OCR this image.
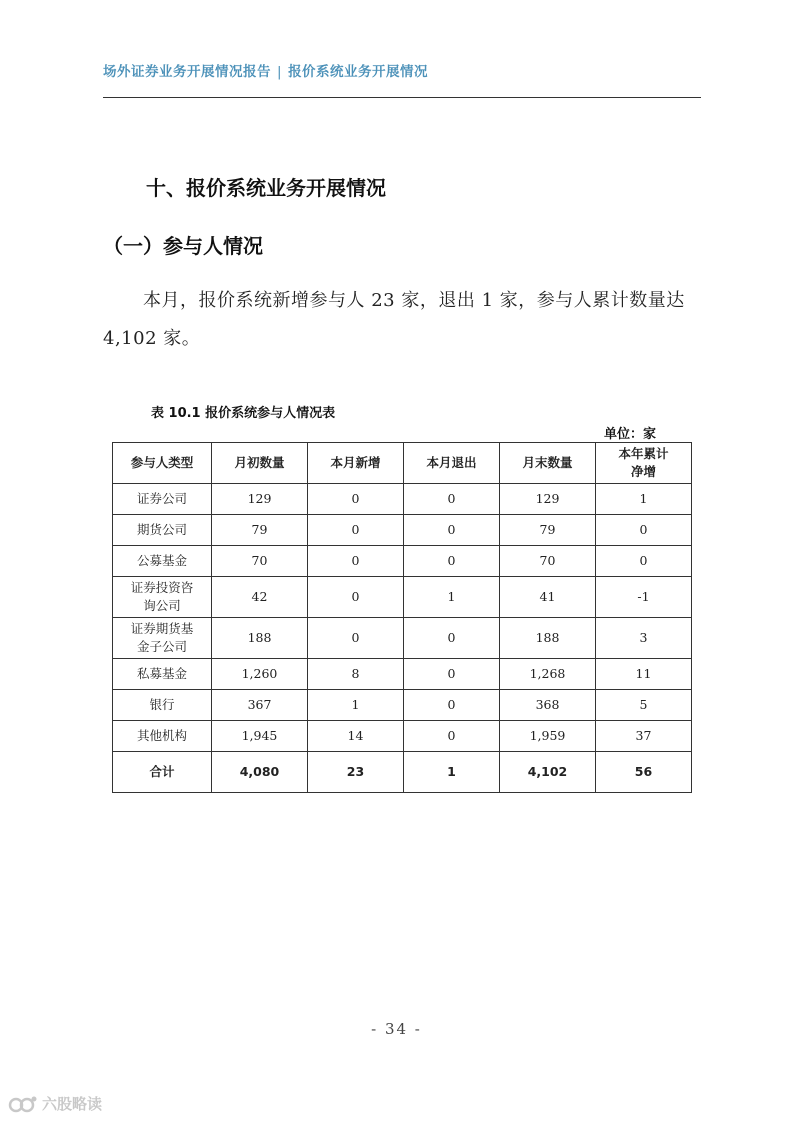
场外证券业务开展情况报告 | 报价系统业务开展情况
十、报价系统业务开展情况
（一）参与人情况
本月，报价系统新增参与人 23 家，退出 1 家，参与人累计数量达 4,102 家。
表 10.1 报价系统参与人情况表
单位：家
参与人类型	月初数量	本月新增	本月退出	月末数量	本年累计净增
证券公司	129	0	0	129	1
期货公司	79	0	0	79	0
公募基金	70	0	0	70	0
证券投资咨询公司	42	0	1	41	-1
证券期货基金子公司	188	0	0	188	3
私募基金	1,260	8	0	1,268	11
银行	367	1	0	368	5
其他机构	1,945	14	0	1,959	37
合计	4,080	23	1	4,102	56
- 34 -
六股略读
